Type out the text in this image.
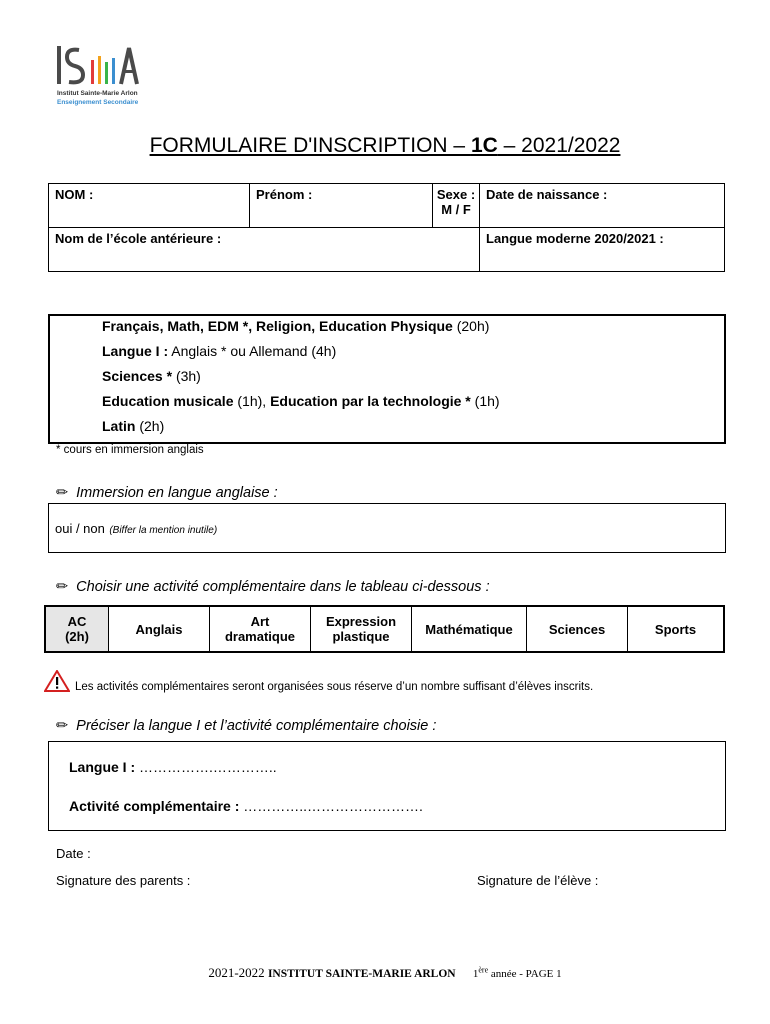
Institut Sainte-Marie Arlon
Enseignement Secondaire
FORMULAIRE D'INSCRIPTION – 1C – 2021/2022
NOM :	Prénom :	Sexe :
M / F	Date de naissance :
Nom de l’école antérieure :			Langue moderne 2020/2021 :
Français, Math, EDM *, Religion, Education Physique (20h)
Langue I : Anglais * ou Allemand (4h)
Sciences * (3h)
Education musicale (1h), Education par la technologie * (1h)
Latin (2h)
* cours en immersion anglais
✏ Immersion en langue anglaise :
oui / non (Biffer la mention inutile)
✏ Choisir une activité complémentaire dans le tableau ci-dessous :
AC
(2h)	Anglais	Art
dramatique	Expression
plastique	Mathématique	Sciences	Sports
Les activités complémentaires seront organisées sous réserve d’un nombre suffisant d’élèves inscrits.
✏ Préciser la langue I et l’activité complémentaire choisie :
Langue I : …………….…………..
Activité complémentaire : …………..…………………….
Date :
Signature des parents :	Signature de l’élève :
2021-2022 INSTITUT SAINTE-MARIE ARLON 1ère année - PAGE 1
